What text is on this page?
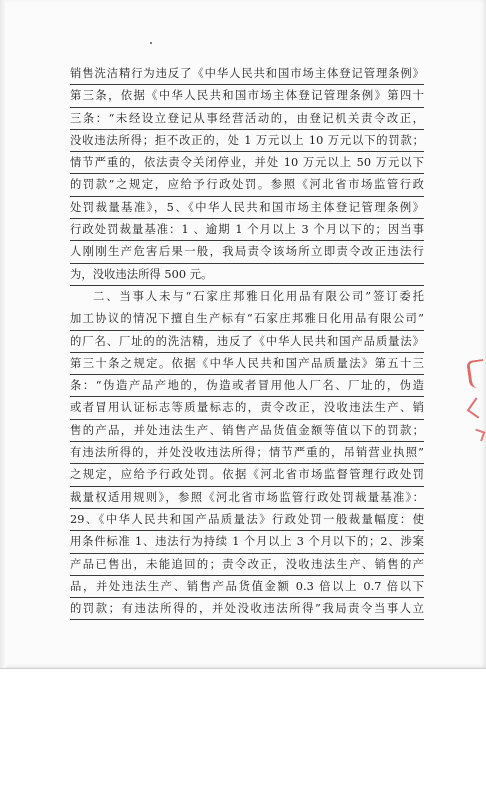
销售洗洁精行为违反了《中华人民共和国市场主体登记管理条例》
第三条，依据《中华人民共和国市场主体登记管理条例》第四十
三条：“未经设立登记从事经营活动的，由登记机关责令改正，
没收违法所得；拒不改正的，处 1 万元以上 10 万元以下的罚款；
情节严重的，依法责令关闭停业，并处 10 万元以上 50 万元以下
的罚款”之规定，应给予行政处罚。参照《河北省市场监管行政
处罚裁量基准》，5、《中华人民共和国市场主体登记管理条例》
行政处罚裁量基准：1 、逾期 1 个月以上 3 个月以下的；因当事
人刚刚生产危害后果一般，我局责令该场所立即责令改正违法行
为，没收违法所得 500 元。
二、当事人未与“石家庄邦雅日化用品有限公司”签订委托
加工协议的情况下擅自生产标有“石家庄邦雅日化用品有限公司”
的厂名、厂址的的洗洁精，违反了《中华人民共和国产品质量法》
第三十条之规定。依据《中华人民共和国产品质量法》第五十三
条：“伪造产品产地的，伪造或者冒用他人厂名、厂址的，伪造
或者冒用认证标志等质量标志的，责令改正，没收违法生产、销
售的产品，并处违法生产、销售产品货值金额等值以下的罚款；
有违法所得的，并处没收违法所得；情节严重的，吊销营业执照”
之规定，应给予行政处罚。依据《河北省市场监督管理行政处罚
裁量权适用规则》，参照《河北省市场监管行政处罚裁量基准》：
29、《中华人民共和国产品质量法》行政处罚一般裁量幅度：使
用条件标准 1、违法行为持续 1 个月以上 3 个月以下的；2、涉案
产品已售出，未能追回的；责令改正，没收违法生产、销售的产
品，并处违法生产、销售产品货值金额 0.3 倍以上 0.7 倍以下
的罚款；有违法所得的，并处没收违法所得”我局责令当事人立
